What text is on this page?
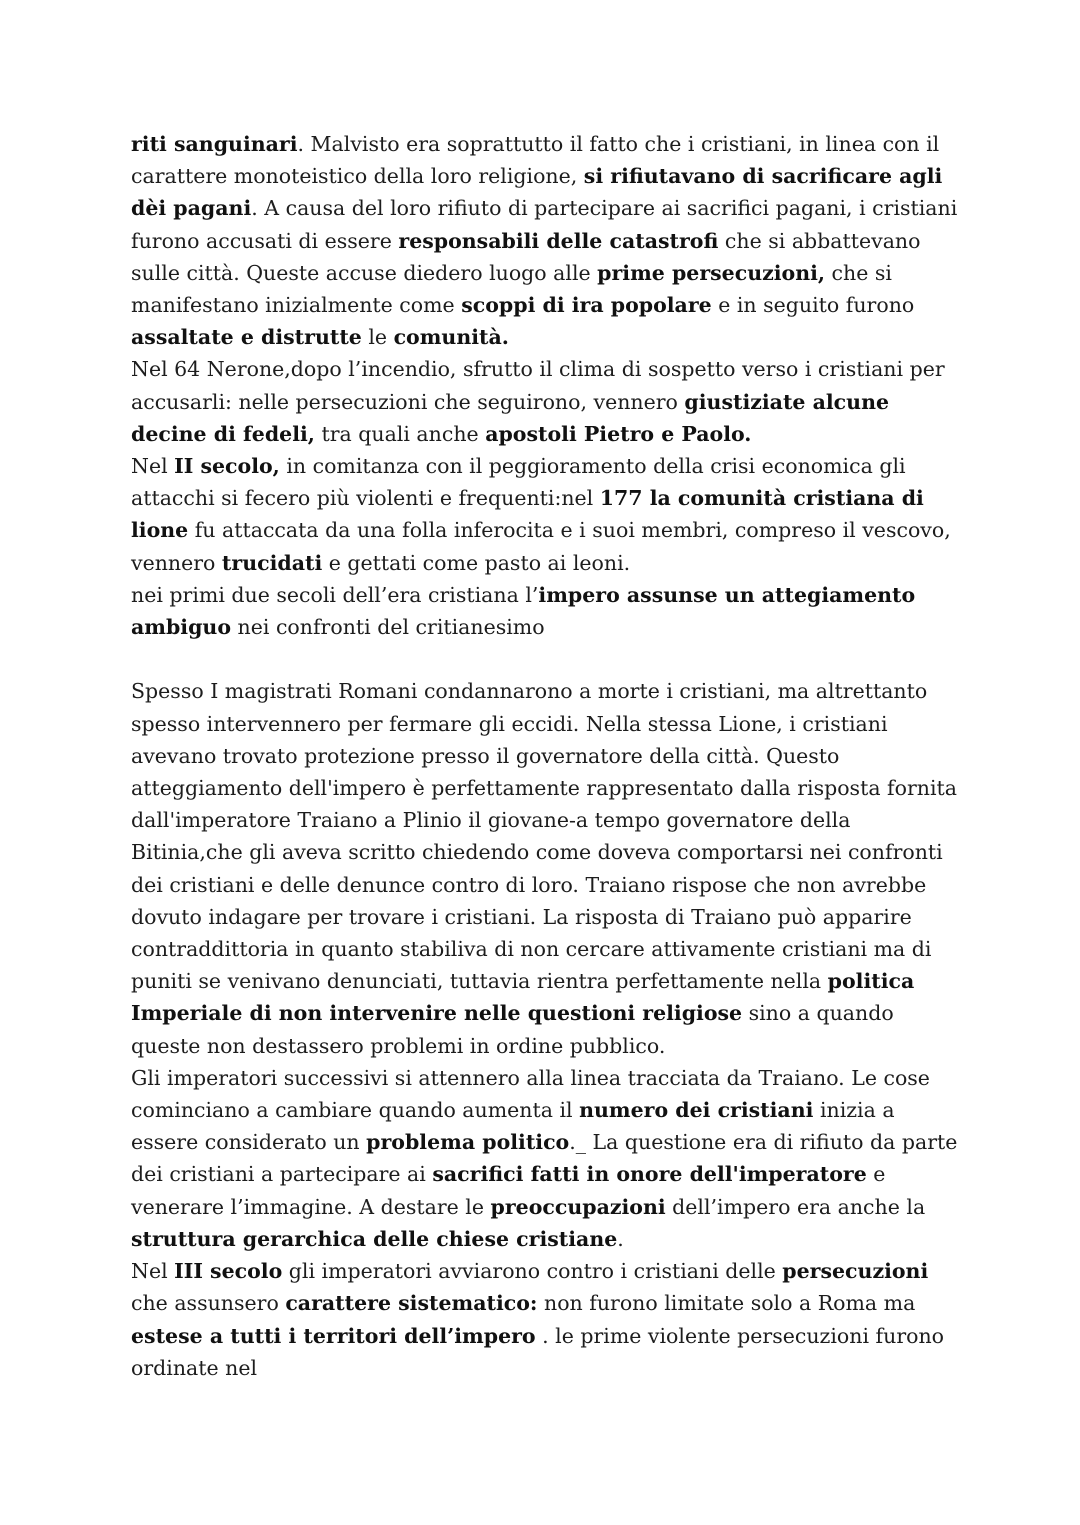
riti sanguinari. Malvisto era soprattutto il fatto che i cristiani, in linea con il carattere monoteistico della loro religione, si rifiutavano di sacrificare agli dèi pagani. A causa del loro rifiuto di partecipare ai sacrifici pagani, i cristiani furono accusati di essere responsabili delle catastrofi che si abbattevano sulle città. Queste accuse diedero luogo alle prime persecuzioni, che si manifestano inizialmente come scoppi di ira popolare e in seguito furono assaltate e distrutte le comunità.

Nel 64 Nerone,dopo l’incendio, sfrutto il clima di sospetto verso i cristiani per accusarli: nelle persecuzioni che seguirono, vennero giustiziate alcune decine di fedeli, tra quali anche apostoli Pietro e Paolo.

Nel II secolo, in comitanza con il peggioramento della crisi economica gli attacchi si fecero più violenti e frequenti:nel 177 la comunità cristiana di lione fu attaccata da una folla inferocita e i suoi membri, compreso il vescovo, vennero trucidati e gettati come pasto ai leoni.

nei primi due secoli dell’era cristiana l’impero assunse un attegiamento ambiguo nei confronti del critianesimo

Spesso I magistrati Romani condannarono a morte i cristiani, ma altrettanto spesso intervennero per fermare gli eccidi. Nella stessa Lione, i cristiani avevano trovato protezione presso il governatore della città. Questo atteggiamento dell'impero è perfettamente rappresentato dalla risposta fornita dall'imperatore Traiano a Plinio il giovane-a tempo governatore della Bitinia,che gli aveva scritto chiedendo come doveva comportarsi nei confronti dei cristiani e delle denunce contro di loro. Traiano rispose che non avrebbe dovuto indagare per trovare i cristiani. La risposta di Traiano può apparire contraddittoria in quanto stabiliva di non cercare attivamente cristiani ma di puniti se venivano denunciati, tuttavia rientra perfettamente nella politica Imperiale di non intervenire nelle questioni religiose sino a quando queste non destassero problemi in ordine pubblico.

Gli imperatori successivi si attennero alla linea tracciata da Traiano. Le cose cominciano a cambiare quando aumenta il numero dei cristiani inizia a essere considerato un problema politico._ La questione era di rifiuto da parte dei cristiani a partecipare ai sacrifici fatti in onore dell'imperatore e venerare l’immagine. A destare le preoccupazioni dell’impero era anche la struttura gerarchica delle chiese cristiane.

Nel III secolo gli imperatori avviarono contro i cristiani delle persecuzioni che assunsero carattere sistematico: non furono limitate solo a Roma ma estese a tutti i territori dell’impero . le prime violente persecuzioni furono ordinate nel
